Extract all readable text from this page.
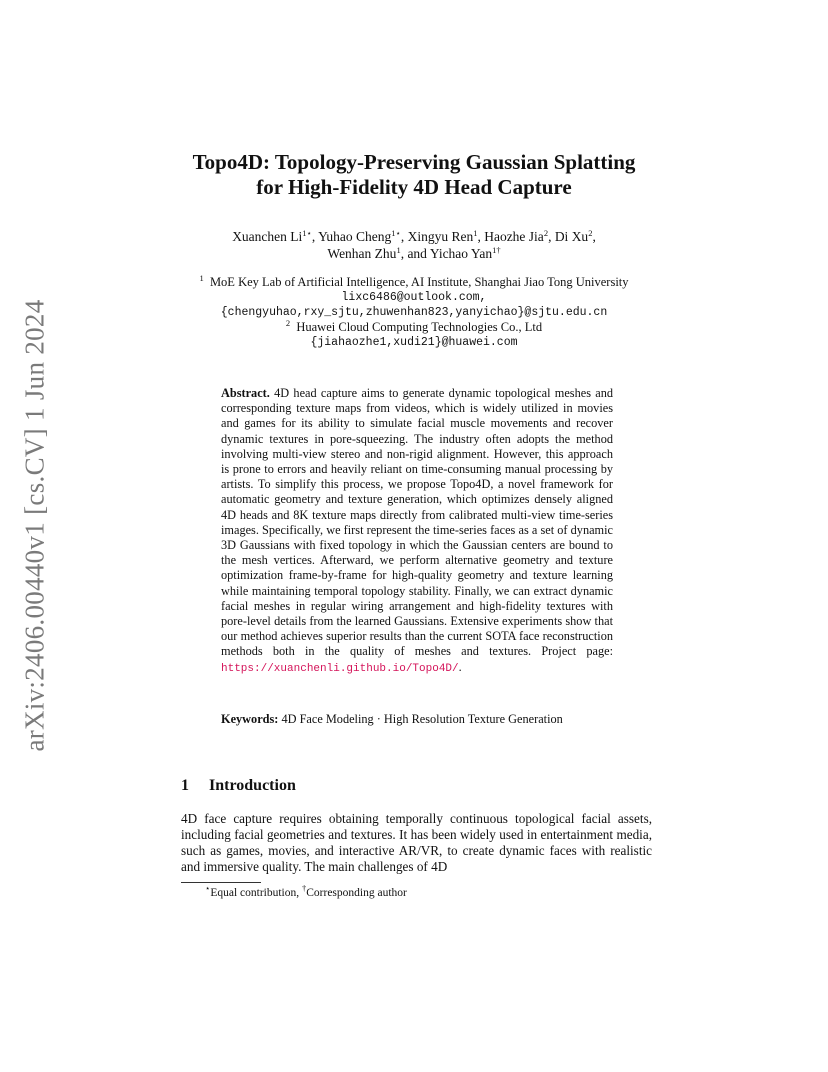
arXiv:2406.00440v1 [cs.CV] 1 Jun 2024
Topo4D: Topology-Preserving Gaussian Splatting
for High-Fidelity 4D Head Capture
Xuanchen $Li^{1⋆}$, Yuhao Cheng$^{1⋆}$, Xingyu Ren$^1$, Haozhe Jia$^2$, Di Xu$^2$,
Wenhan Zhu$^1$, and Yichao Yan$^{1\dagger}$
$^1$ MoE Key Lab of Artificial Intelligence, AI Institute, Shanghai Jiao Tong University
lixc6486@outlook.com,
{chengyuhao,rxy_sjtu,zhuwenhan823,yanyichao}@sjtu.edu.cn
$^2$ Huawei Cloud Computing Technologies Co., Ltd
{jiahaozhe1,xudi21}@huawei.com
Abstract. 4D head capture aims to generate dynamic topological meshes and corresponding texture maps from videos, which is widely utilized in movies and games for its ability to simulate facial muscle movements and recover dynamic textures in pore-squeezing. The industry often adopts the method involving multi-view stereo and non-rigid alignment. However, this approach is prone to errors and heavily reliant on time-consuming manual processing by artists. To simplify this process, we propose Topo4D, a novel framework for automatic geometry and texture generation, which optimizes densely aligned 4D heads and 8K texture maps directly from calibrated multi-view time-series images. Specifically, we first represent the time-series faces as a set of dynamic 3D Gaussians with fixed topology in which the Gaussian centers are bound to the mesh vertices. Afterward, we perform alternative geometry and texture optimization frame-by-frame for high-quality geometry and texture learning while maintaining temporal topology stability. Finally, we can extract dynamic facial meshes in regular wiring arrangement and high-fidelity textures with pore-level details from the learned Gaussians. Extensive experiments show that our method achieves superior results than the current SOTA face reconstruction methods both in the quality of meshes and textures. Project page: https://xuanchenli.github.io/Topo4D/.
Keywords: 4D Face Modeling · High Resolution Texture Generation
1 Introduction
4D face capture requires obtaining temporally continuous topological facial assets, including facial geometries and textures. It has been widely used in entertainment media, such as games, movies, and interactive AR/VR, to create dynamic faces with realistic and immersive quality. The main challenges of 4D
⋆Equal contribution, †Corresponding author
